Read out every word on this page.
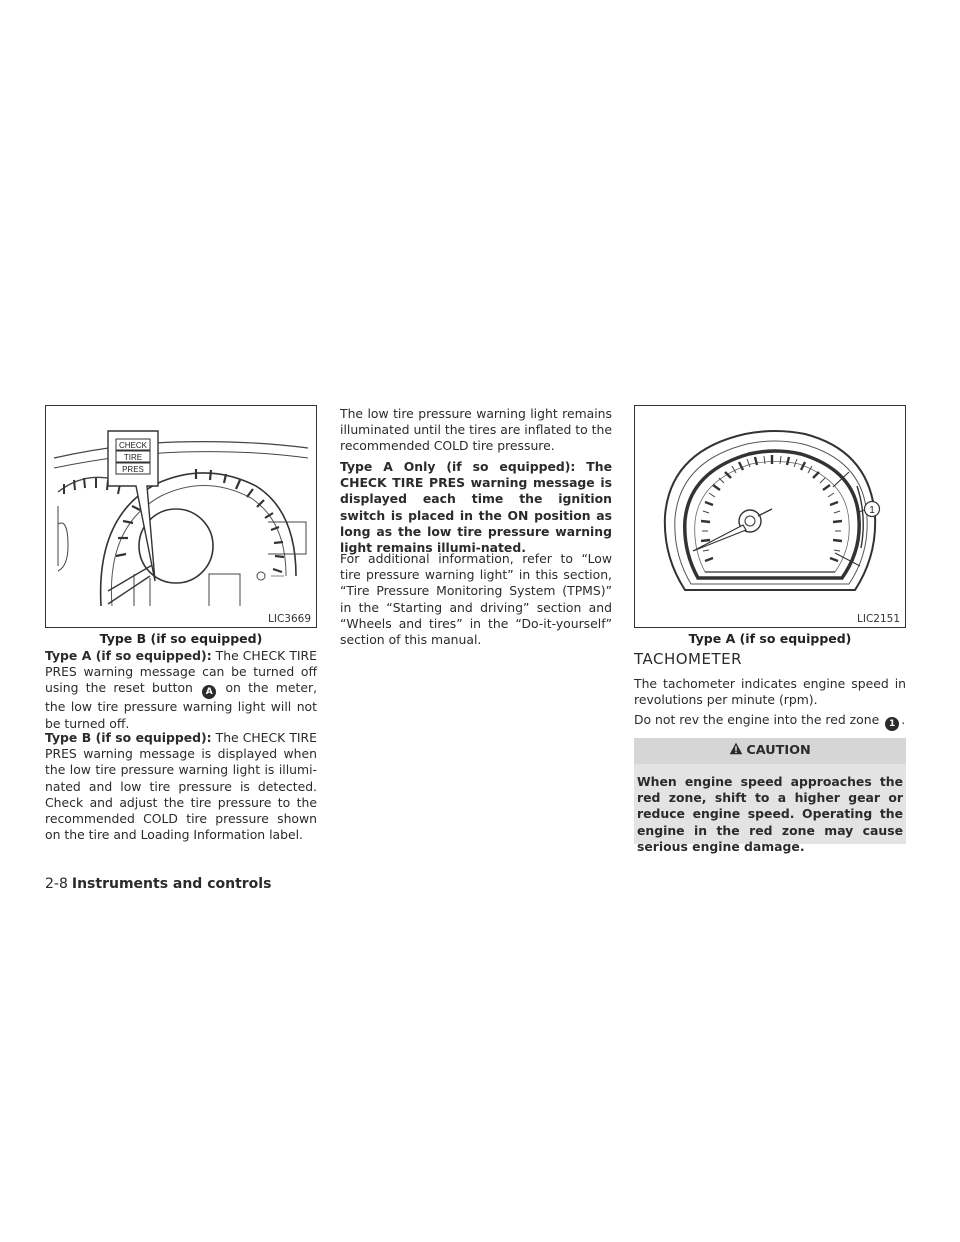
CHECK
TIRE
PRES
LIC3669
Type B (if so equipped)

Type A (if so equipped): The CHECK TIRE PRES warning message can be turned off using the reset button A on the meter, the low tire pressure warning light will not be turned off.

Type B (if so equipped): The CHECK TIRE PRES warning message is displayed when the low tire pressure warning light is illumi-nated and low tire pressure is detected. Check and adjust the tire pressure to the recommended COLD tire pressure shown on the tire and Loading Information label.

The low tire pressure warning light remains illuminated until the tires are inflated to the recommended COLD tire pressure.

Type A Only (if so equipped): The CHECK TIRE PRES warning message is displayed each time the ignition switch is placed in the ON position as long as the low tire pressure warning light remains illumi-nated.

For additional information, refer to “Low tire pressure warning light” in this section, “Tire Pressure Monitoring System (TPMS)” in the “Starting and driving” section and “Wheels and tires” in the “Do-it-yourself” section of this manual.

1
LIC2151
Type A (if so equipped)
TACHOMETER

The tachometer indicates engine speed in revolutions per minute (rpm).

Do not rev the engine into the red zone 1 .

CAUTION

When engine speed approaches the red zone, shift to a higher gear or reduce engine speed. Operating the engine in the red zone may cause serious engine damage.

2-8 Instruments and controls
